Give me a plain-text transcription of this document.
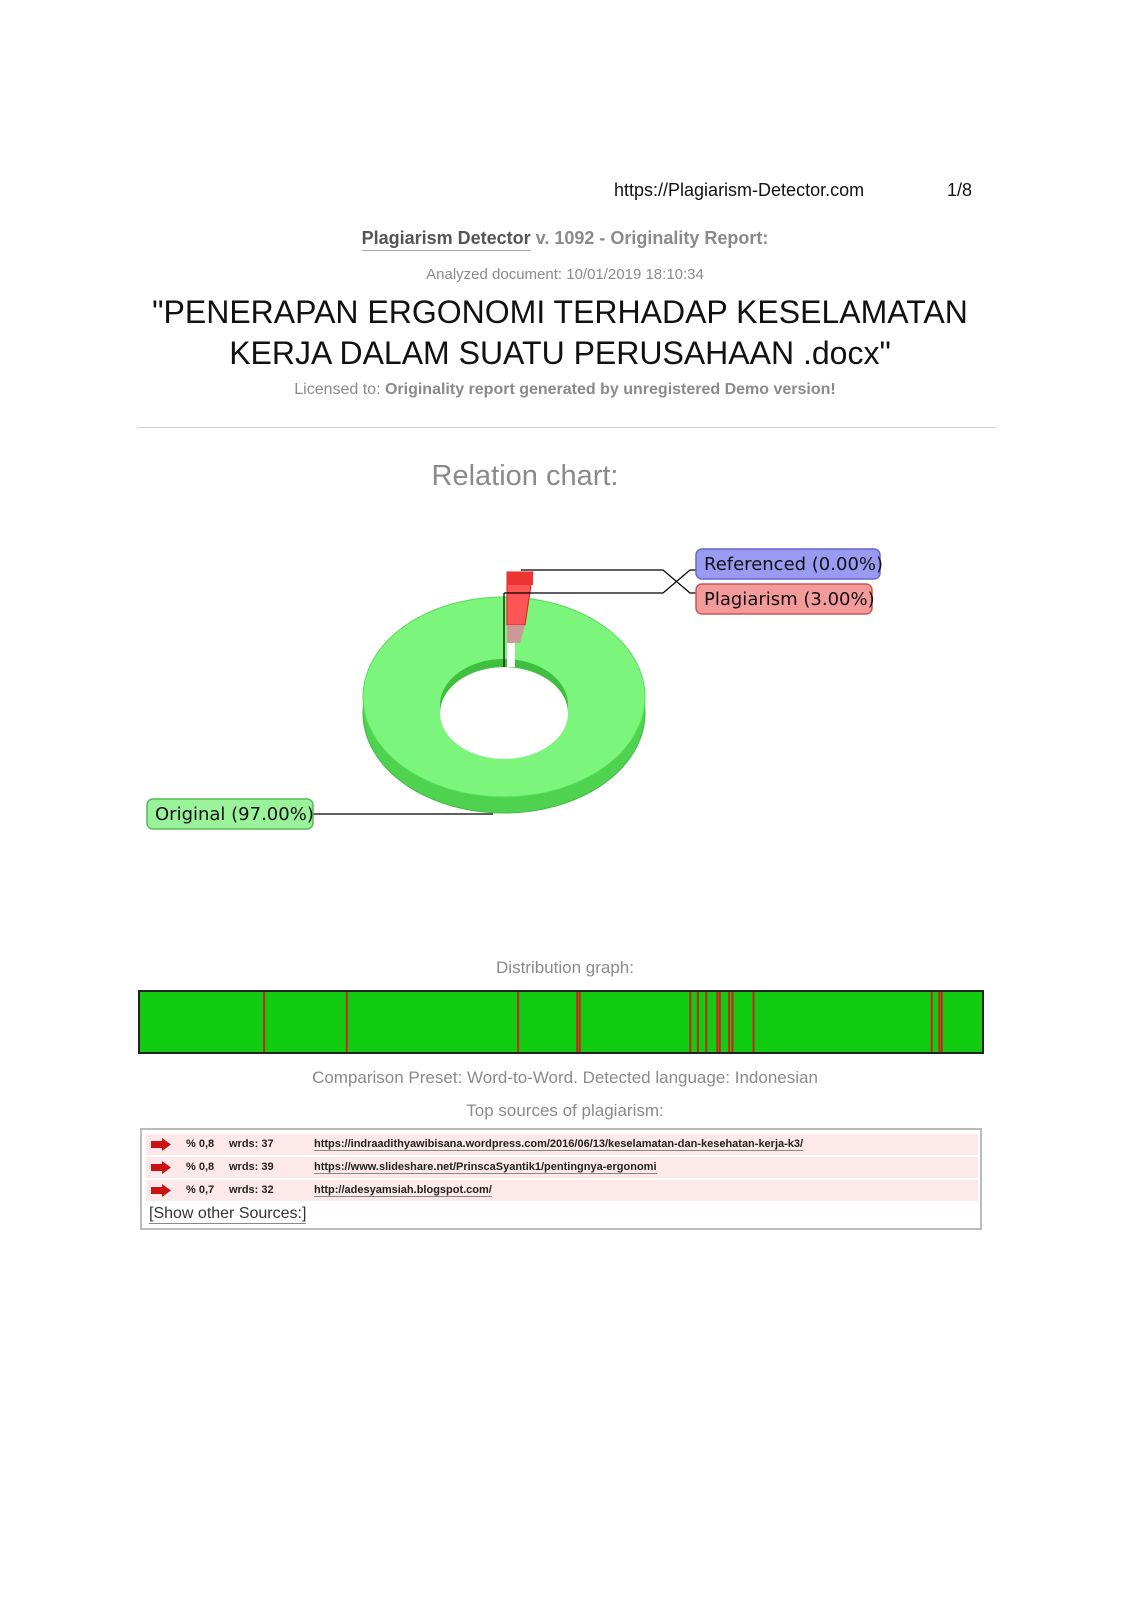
https://Plagiarism-Detector.com	1/8
Plagiarism Detector v. 1092 - Originality Report:
Analyzed document: 10/01/2019 18:10:34
"PENERAPAN ERGONOMI TERHADAP KESELAMATAN
KERJA DALAM SUATU PERUSAHAAN .docx"
Licensed to: Originality report generated by unregistered Demo version!
Relation chart:
Referenced (0.00%)
Plagiarism (3.00%)
Original (97.00%)
Distribution graph:
Comparison Preset: Word-to-Word. Detected language: Indonesian
Top sources of plagiarism:
% 0,8 wrds: 37	https://indraadithyawibisana.wordpress.com/2016/06/13/keselamatan-dan-kesehatan-kerja-k3/
% 0,8 wrds: 39	https://www.slideshare.net/PrinscaSyantik1/pentingnya-ergonomi
% 0,7 wrds: 32	http://adesyamsiah.blogspot.com/
[Show other Sources:]
